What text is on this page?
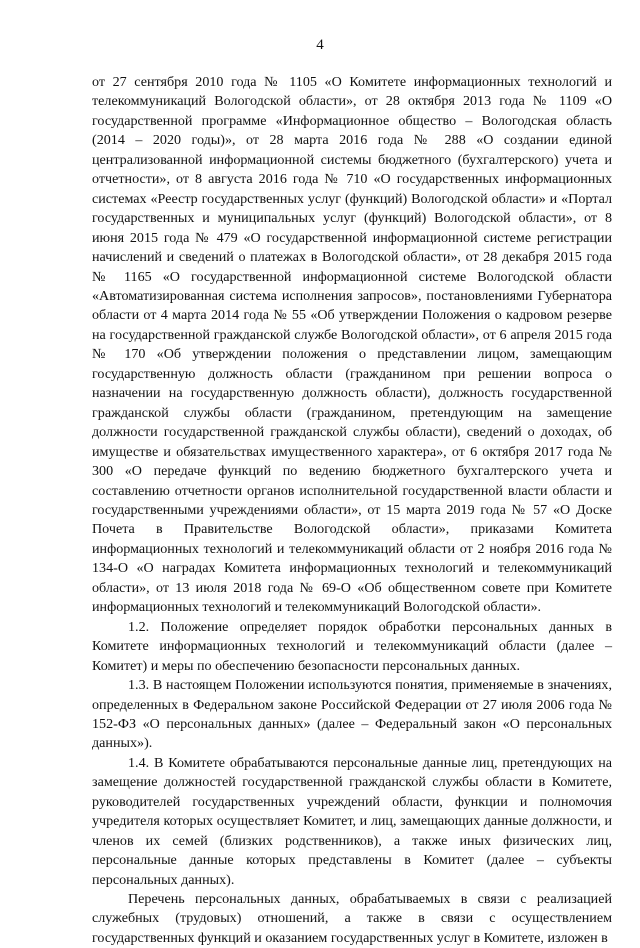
4

от 27 сентября 2010 года № 1105 «О Комитете информационных технологий и телекоммуникаций Вологодской области», от 28 октября 2013 года № 1109 «О государственной программе «Информационное общество – Вологодская область (2014 – 2020 годы)», от 28 марта 2016 года № 288 «О создании единой централизованной информационной системы бюджетного (бухгалтерского) учета и отчетности», от 8 августа 2016 года № 710 «О государственных информационных системах «Реестр государственных услуг (функций) Вологодской области» и «Портал государственных и муниципальных услуг (функций) Вологодской области», от 8 июня 2015 года № 479 «О государственной информационной системе регистрации начислений и сведений о платежах в Вологодской области», от 28 декабря 2015 года № 1165 «О государственной информационной системе Вологодской области «Автоматизированная система исполнения запросов», постановлениями Губернатора области от 4 марта 2014 года № 55 «Об утверждении Положения о кадровом резерве на государственной гражданской службе Вологодской области», от 6 апреля 2015 года № 170 «Об утверждении положения о представлении лицом, замещающим государственную должность области (гражданином при решении вопроса о назначении на государственную должность области), должность государственной гражданской службы области (гражданином, претендующим на замещение должности государственной гражданской службы области), сведений о доходах, об имуществе и обязательствах имущественного характера», от 6 октября 2017 года № 300 «О передаче функций по ведению бюджетного бухгалтерского учета и составлению отчетности органов исполнительной государственной власти области и государственными учреждениями области», от 15 марта 2019 года № 57 «О Доске Почета в Правительстве Вологодской области», приказами Комитета информационных технологий и телекоммуникаций области от 2 ноября 2016 года № 134-О «О наградах Комитета информационных технологий и телекоммуникаций области», от 13 июля 2018 года № 69-О «Об общественном совете при Комитете информационных технологий и телекоммуникаций Вологодской области».

1.2. Положение определяет порядок обработки персональных данных в Комитете информационных технологий и телекоммуникаций области (далее – Комитет) и меры по обеспечению безопасности персональных данных.

1.3. В настоящем Положении используются понятия, применяемые в значениях, определенных в Федеральном законе Российской Федерации от 27 июля 2006 года № 152-ФЗ «О персональных данных» (далее – Федеральный закон «О персональных данных»).

1.4. В Комитете обрабатываются персональные данные лиц, претендующих на замещение должностей государственной гражданской службы области в Комитете, руководителей государственных учреждений области, функции и полномочия учредителя которых осуществляет Комитет, и лиц, замещающих данные должности, и членов их семей (близких родственников), а также иных физических лиц, персональные данные которых представлены в Комитет (далее – субъекты персональных данных).

Перечень персональных данных, обрабатываемых в связи с реализацией служебных (трудовых) отношений, а также в связи с осуществлением государственных функций и оказанием государственных услуг в Комитете, изложен в
